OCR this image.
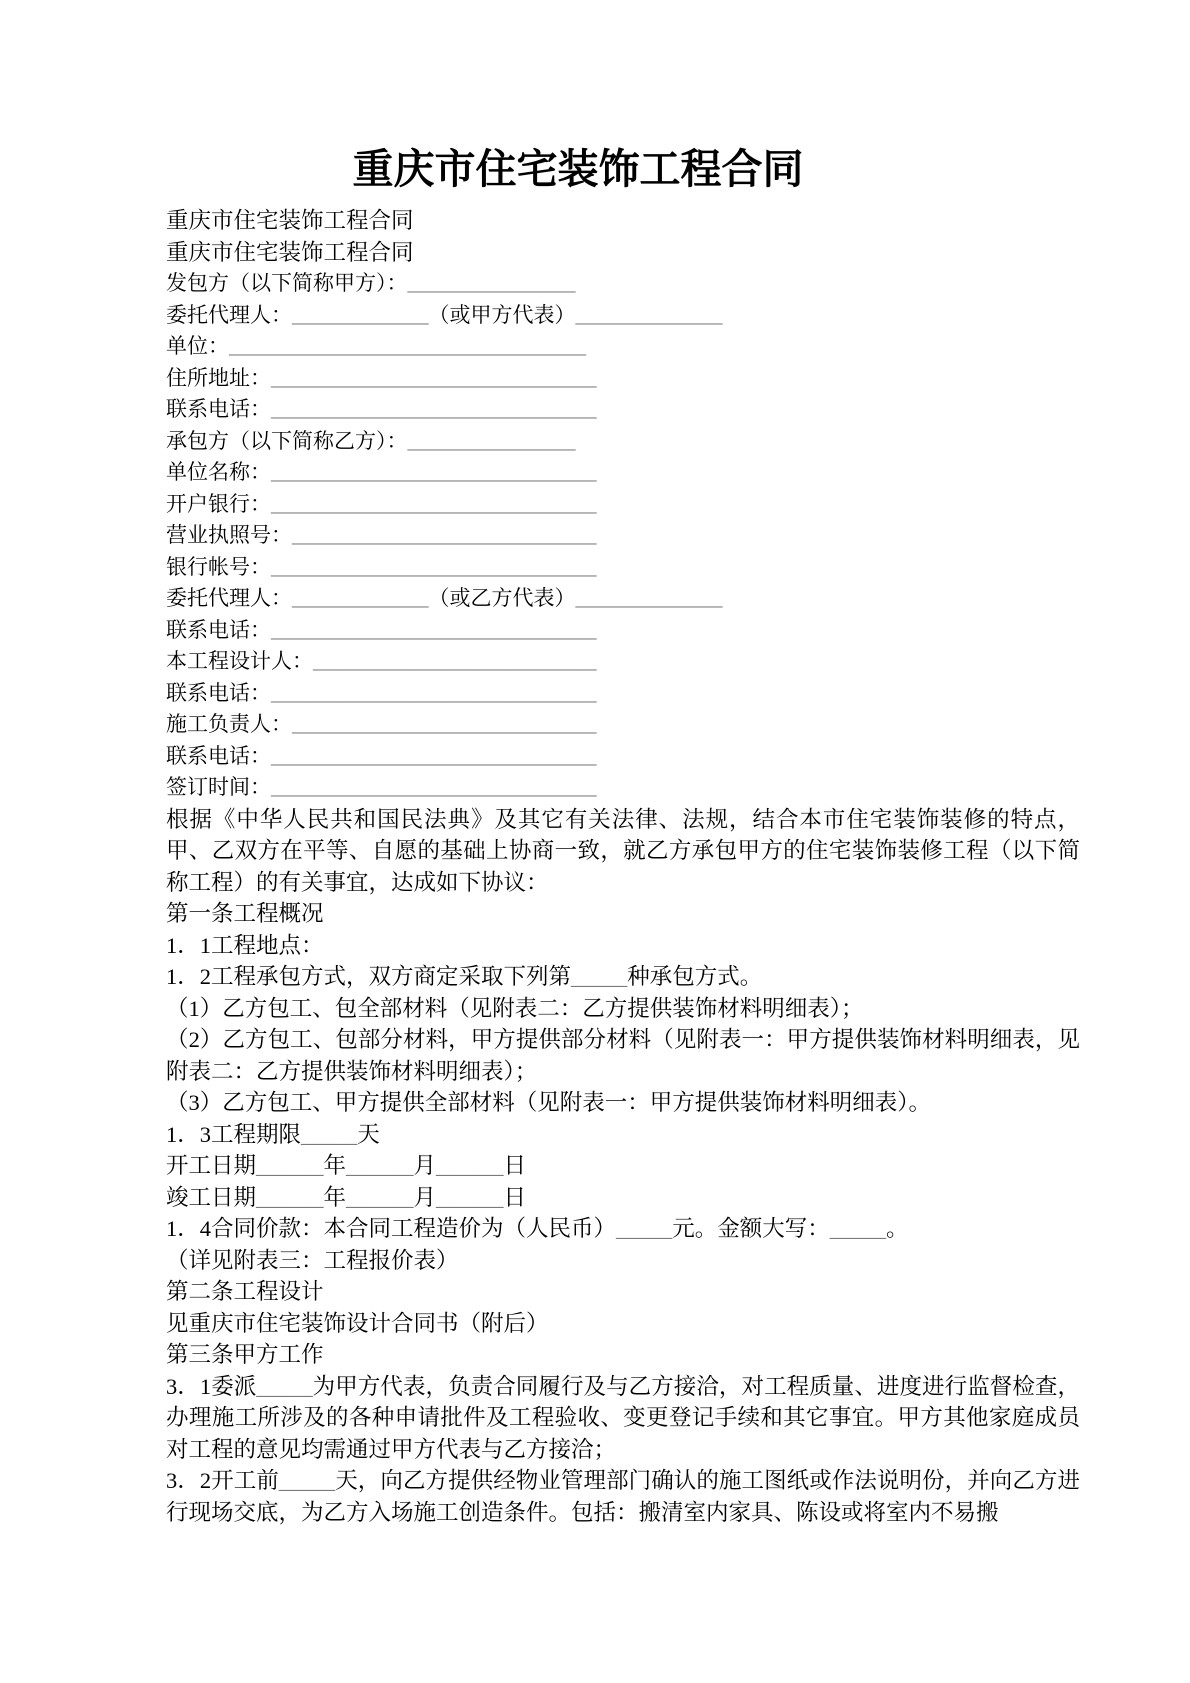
重庆市住宅装饰工程合同

重庆市住宅装饰工程合同

重庆市住宅装饰工程合同

发包方（以下简称甲方）：________________

委托代理人：_____________（或甲方代表）______________

单位：__________________________________

住所地址：_______________________________

联系电话：_______________________________

承包方（以下简称乙方）：________________

单位名称：_______________________________

开户银行：_______________________________

营业执照号：_____________________________

银行帐号：_______________________________

委托代理人：_____________（或乙方代表）______________

联系电话：_______________________________

本工程设计人：___________________________

联系电话：_______________________________

施工负责人：_____________________________

联系电话：_______________________________

签订时间：_______________________________

根据《中华人民共和国民法典》及其它有关法律、法规，结合本市住宅装饰装修的特点，甲、乙双方在平等、自愿的基础上协商一致，就乙方承包甲方的住宅装饰装修工程（以下简称工程）的有关事宜，达成如下协议：

第一条工程概况

1．1工程地点：

1．2工程承包方式，双方商定采取下列第_____种承包方式。

（1）乙方包工、包全部材料（见附表二：乙方提供装饰材料明细表）；

（2）乙方包工、包部分材料，甲方提供部分材料（见附表一：甲方提供装饰材料明细表，见附表二：乙方提供装饰材料明细表）；

（3）乙方包工、甲方提供全部材料（见附表一：甲方提供装饰材料明细表）。

1．3工程期限_____天

开工日期______年______月______日

竣工日期______年______月______日

1．4合同价款：本合同工程造价为（人民币）_____元。金额大写：_____。

（详见附表三：工程报价表）

第二条工程设计

见重庆市住宅装饰设计合同书（附后）

第三条甲方工作

3．1委派_____为甲方代表，负责合同履行及与乙方接洽，对工程质量、进度进行监督检查，办理施工所涉及的各种申请批件及工程验收、变更登记手续和其它事宜。甲方其他家庭成员对工程的意见均需通过甲方代表与乙方接洽；

3．2开工前_____天，向乙方提供经物业管理部门确认的施工图纸或作法说明份，并向乙方进行现场交底，为乙方入场施工创造条件。包括：搬清室内家具、陈设或将室内不易搬
